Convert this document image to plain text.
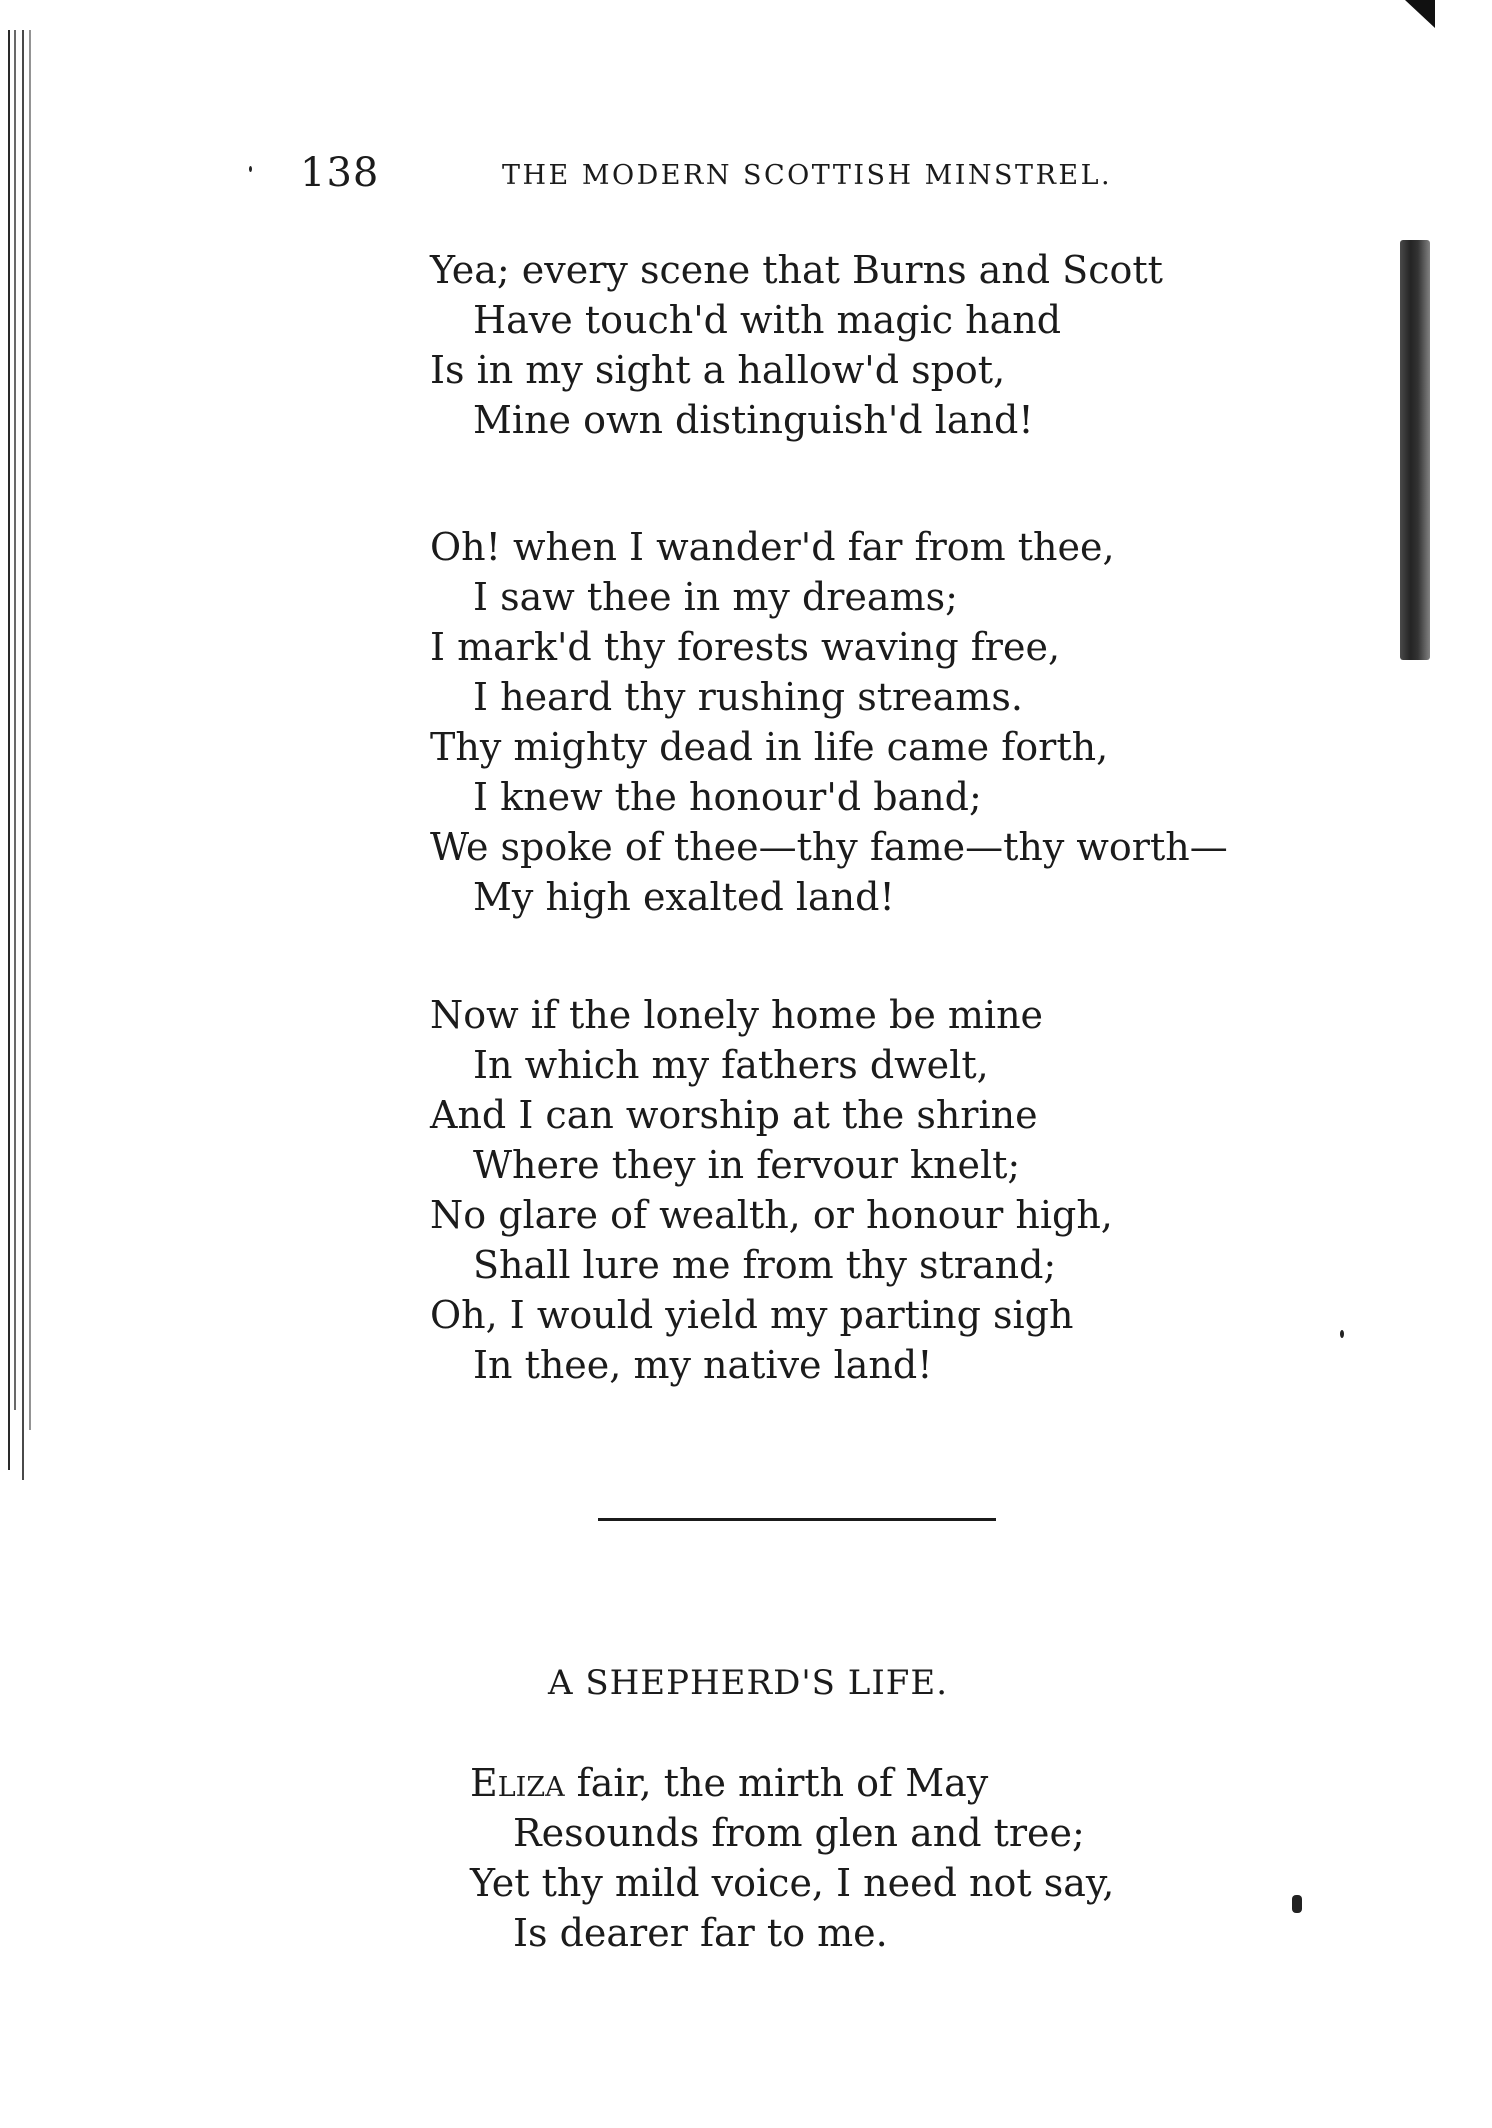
138	THE MODERN SCOTTISH MINSTREL.
Yea; every scene that Burns and Scott
Have touch'd with magic hand
Is in my sight a hallow'd spot,
Mine own distinguish'd land!
Oh! when I wander'd far from thee,
I saw thee in my dreams;
I mark'd thy forests waving free,
I heard thy rushing streams.
Thy mighty dead in life came forth,
I knew the honour'd band;
We spoke of thee—thy fame—thy worth—
My high exalted land!
Now if the lonely home be mine
In which my fathers dwelt,
And I can worship at the shrine
Where they in fervour knelt;
No glare of wealth, or honour high,
Shall lure me from thy strand;
Oh, I would yield my parting sigh
In thee, my native land!
A SHEPHERD'S LIFE.
Eliza fair, the mirth of May
Resounds from glen and tree;
Yet thy mild voice, I need not say,
Is dearer far to me.
